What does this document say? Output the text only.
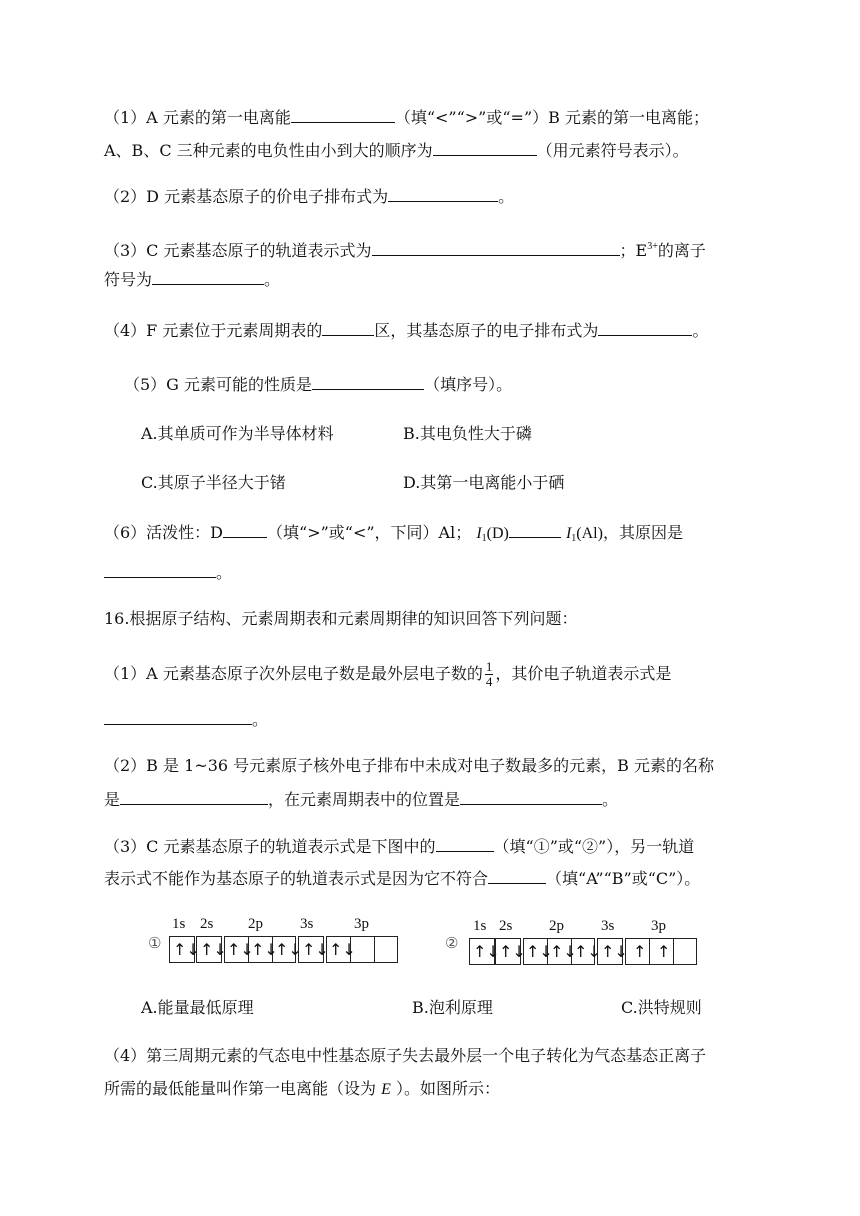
（1）A 元素的第一电离能	（填“<”“>”或“=”）B 元素的第一电离能；
A、B、C 三种元素的电负性由小到大的顺序为	（用元素符号表示）。
（2）D 元素基态原子的价电子排布式为	。
（3）C 元素基态原子的轨道表示式为	；$E^{3+}$的离子
符号为	。
（4）F 元素位于元素周期表的	区，其基态原子的电子排布式为	。
（5）G 元素可能的性质是	（填序号）。
A.其单质可作为半导体材料	B.其电负性大于磷
C.其原子半径大于锗	D.其第一电离能小于硒
（6）活泼性：D	（填“>”或“<”，下同）Al； $I_1(D)$	$I_1(Al)$，其原因是
。
16.根据原子结构、元素周期表和元素周期律的知识回答下列问题：
（1）A 元素基态原子次外层电子数是最外层电子数的 $\frac{1}{4}$ ，其价电子轨道表示式是
。
（2）B 是 1~36 号元素原子核外电子排布中未成对电子数最多的元素，B 元素的名称
是	，在元素周期表中的位置是	。
（3）C 元素基态原子的轨道表示式是下图中的	（填“①”或“②”），另一轨道
表示式不能作为基态原子的轨道表示式是因为它不符合	（填“A”“B”或“C”）。
①
1s 2s 2p 3s	3p
↑↓ ↑↓ ↑↓
↑↓
↑↓ ↑↓ ↑↓	②
1s 2s 2p 3s 3p
↑↓ ↑↓ ↑↓
↑↓
↑↓ ↑↓ ↑ ↑
A.能量最低原理	B.泡利原理	C.洪特规则
（4）第三周期元素的气态电中性基态原子失去最外层一个电子转化为气态基态正离子
所需的最低能量叫作第一电离能（设为 E ）。如图所示：
